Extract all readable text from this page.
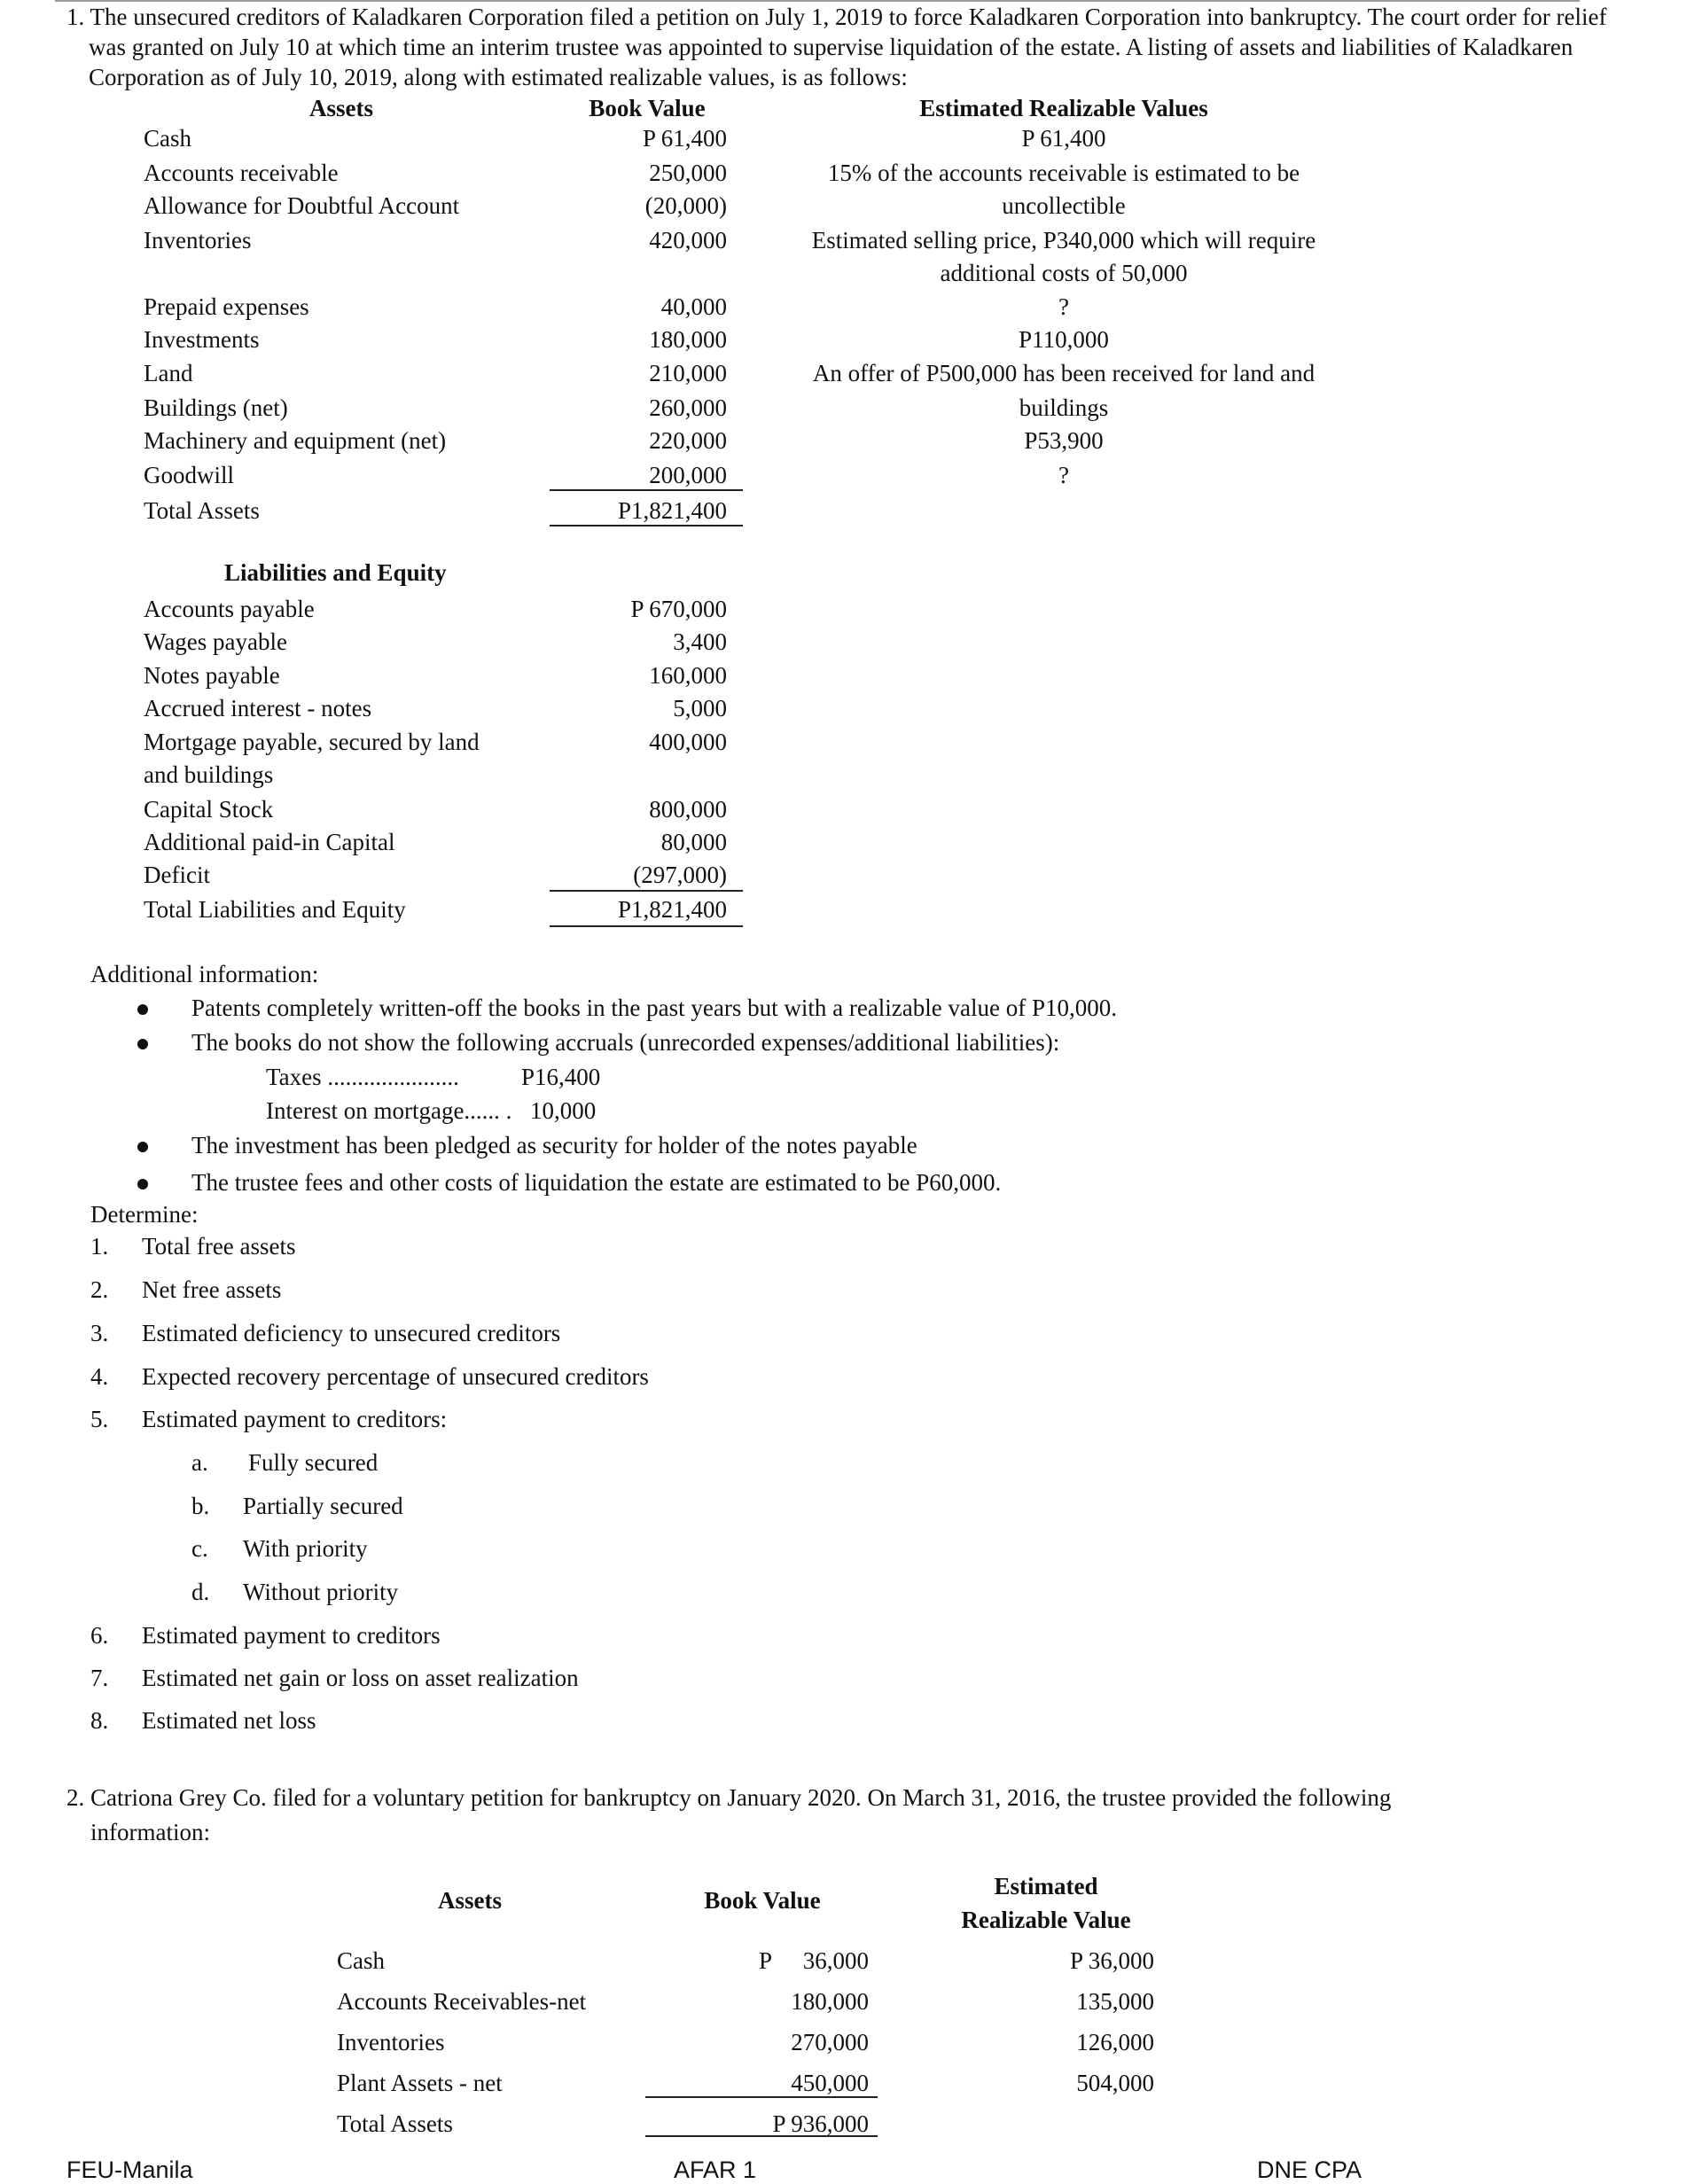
1. The unsecured creditors of Kaladkaren Corporation filed a petition on July 1, 2019 to force Kaladkaren Corporation into bankruptcy. The court order for relief was granted on July 10 at which time an interim trustee was appointed to supervise liquidation of the estate. A listing of assets and liabilities of Kaladkaren Corporation as of July 10, 2019, along with estimated realizable values, is as follows:
Assets	Book Value	Estimated Realizable Values
Cash	P 61,400	P 61,400
Accounts receivable	250,000	15% of the accounts receivable is estimated to be
Allowance for Doubtful Account	(20,000)	uncollectible
Inventories	420,000	Estimated selling price, P340,000 which will require
additional costs of 50,000
Prepaid expenses	40,000	?
Investments	180,000	P110,000
Land	210,000	An offer of P500,000 has been received for land and
Buildings (net)	260,000	buildings
Machinery and equipment (net)	220,000	P53,900
Goodwill	200,000	?
Total Assets	P1,821,400
Liabilities and Equity
Accounts payable	P 670,000
Wages payable	3,400
Notes payable	160,000
Accrued interest - notes	5,000
Mortgage payable, secured by land	400,000
and buildings
Capital Stock	800,000
Additional paid-in Capital	80,000
Deficit	(297,000)
Total Liabilities and Equity	P1,821,400
Additional information:
Patents completely written-off the books in the past years but with a realizable value of P10,000.
The books do not show the following accruals (unrecorded expenses/additional liabilities):
Taxes ......................	P16,400
Interest on mortgage...... . 10,000
The investment has been pledged as security for holder of the notes payable
The trustee fees and other costs of liquidation the estate are estimated to be P60,000.
Determine:
1. Total free assets
2. Net free assets
3. Estimated deficiency to unsecured creditors
4. Expected recovery percentage of unsecured creditors
5. Estimated payment to creditors:
6. Estimated payment to creditors
7. Estimated net gain or loss on asset realization
8. Estimated net loss
a. Fully secured
b. Partially secured
c. With priority
d. Without priority
2. Catriona Grey Co. filed for a voluntary petition for bankruptcy on January 2020. On March 31, 2016, the trustee provided the following
information:
Assets	Book Value
Estimated
Realizable Value
Cash	P	36,000	P 36,000
Accounts Receivables-net	180,000	135,000
Inventories	270,000	126,000
Plant Assets - net	450,000	504,000
Total Assets	P 936,000
FEU-Manila	AFAR 1	DNE CPA
